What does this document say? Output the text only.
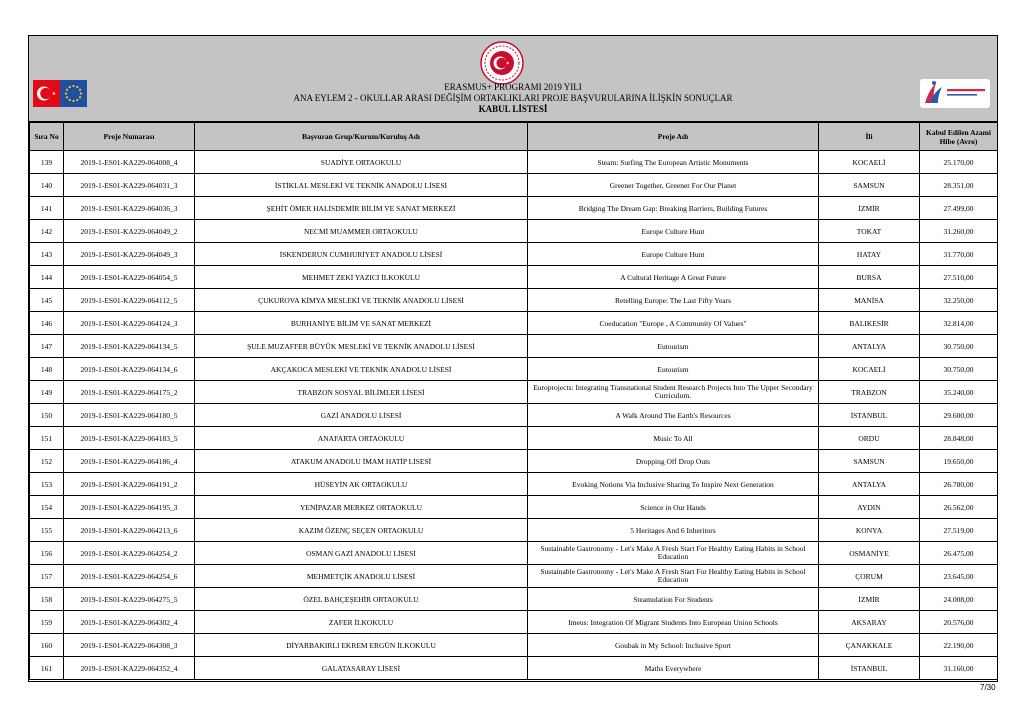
ERASMUS+ PROGRAMI 2019 YILI
ANA EYLEM 2 - OKULLAR ARASI DEĞİŞİM ORTAKLIKLARI PROJE BAŞVURULARINA İLİŞKİN SONUÇLAR
KABUL LİSTESİ
Sıra No	Proje Numarası	Başvuran Grup/Kurum/Kuruluş Adı	Proje Adı	İli	Kabul Edilen Azami Hibe (Avro)
139	2019-1-ES01-KA229-064008_4	SUADİYE ORTAOKULU	Steam: Surfing The European Artistic Monuments	KOCAELİ	25.170,00
140	2019-1-ES01-KA229-064031_3	İSTİKLAL MESLEKİ VE TEKNİK ANADOLU LİSESİ	Greener Together, Greener For Our Planet	SAMSUN	28.351,00
141	2019-1-ES01-KA229-064036_3	ŞEHİT ÖMER HALİSDEMİR BİLİM VE SANAT MERKEZİ	Bridging The Dream Gap: Breaking Barriers, Building Futures	İZMİR	27.499,00
142	2019-1-ES01-KA229-064049_2	NECMİ MUAMMER ORTAOKULU	Europe Culture Hunt	TOKAT	31.260,00
143	2019-1-ES01-KA229-064049_3	İSKENDERUN CUMHURİYET ANADOLU LİSESİ	Europe Culture Hunt	HATAY	31.770,00
144	2019-1-ES01-KA229-064054_5	MEHMET ZEKİ YAZICI İLKOKULU	A Cultural Heritage A Great Future	BURSA	27.510,00
145	2019-1-ES01-KA229-064112_5	ÇUKUROVA KİMYA MESLEKİ VE TEKNİK ANADOLU LİSESİ	Retelling Europe: The Last Fifty Years	MANİSA	32.250,00
146	2019-1-ES01-KA229-064124_3	BURHANİYE BİLİM VE SANAT MERKEZİ	Coeducation "Europe , A Community Of Values"	BALIKESİR	32.814,00
147	2019-1-ES01-KA229-064134_5	ŞULE MUZAFFER BÜYÜK MESLEKİ VE TEKNİK ANADOLU LİSESİ	Eutourism	ANTALYA	30.750,00
148	2019-1-ES01-KA229-064134_6	AKÇAKOCA MESLEKİ VE TEKNİK ANADOLU LİSESİ	Eutourism	KOCAELİ	30.750,00
149	2019-1-ES01-KA229-064175_2	TRABZON SOSYAL BİLİMLER LİSESİ	Europrojects: Integrating Transnational Student Research Projects Into The Upper Secondary Curriculum.	TRABZON	35.240,00
150	2019-1-ES01-KA229-064180_5	GAZİ ANADOLU LİSESİ	A Walk Around The Earth's Resources	İSTANBUL	29.600,00
151	2019-1-ES01-KA229-064183_5	ANAFARTA ORTAOKULU	Music To All	ORDU	28.848,00
152	2019-1-ES01-KA229-064186_4	ATAKUM ANADOLU İMAM HATİP LİSESİ	Dropping Off Drop Outs	SAMSUN	19.650,00
153	2019-1-ES01-KA229-064191_2	HÜSEYİN AK ORTAOKULU	Evoking Notions Via Inclusive Sharing To Inspire Next Generation	ANTALYA	26.780,00
154	2019-1-ES01-KA229-064195_3	YENİPAZAR MERKEZ ORTAOKULU	Science in Our Hands	AYDIN	26.562,00
155	2019-1-ES01-KA229-064213_6	KAZIM ÖZENÇ SEÇEN ORTAOKULU	5 Heritages And 6 Inheritors	KONYA	27.519,00
156	2019-1-ES01-KA229-064254_2	OSMAN GAZİ ANADOLU LİSESİ	Sustainable Gastronomy - Let's Make A Fresh Start For Healthy Eating Habits in School Education	OSMANİYE	26.475,00
157	2019-1-ES01-KA229-064254_6	MEHMETÇİK ANADOLU LİSESİ	Sustainable Gastronomy - Let's Make A Fresh Start For Healthy Eating Habits in School Education	ÇORUM	23.645,00
158	2019-1-ES01-KA229-064275_5	ÖZEL BAHÇEŞEHİR ORTAOKULU	Steamulation For Students	İZMİR	24.008,00
159	2019-1-ES01-KA229-064302_4	ZAFER İLKOKULU	Imeus: Integration Of Migrant Students Into European Union Schools	AKSARAY	20.576,00
160	2019-1-ES01-KA229-064308_3	DİYARBAKIRLI EKREM ERGÜN İLKOKULU	Goubak in My School: Inclusive Sport	ÇANAKKALE	22.190,00
161	2019-1-ES01-KA229-064352_4	GALATASARAY LİSESİ	Maths Everywhere	İSTANBUL	31.160,00
7/30
